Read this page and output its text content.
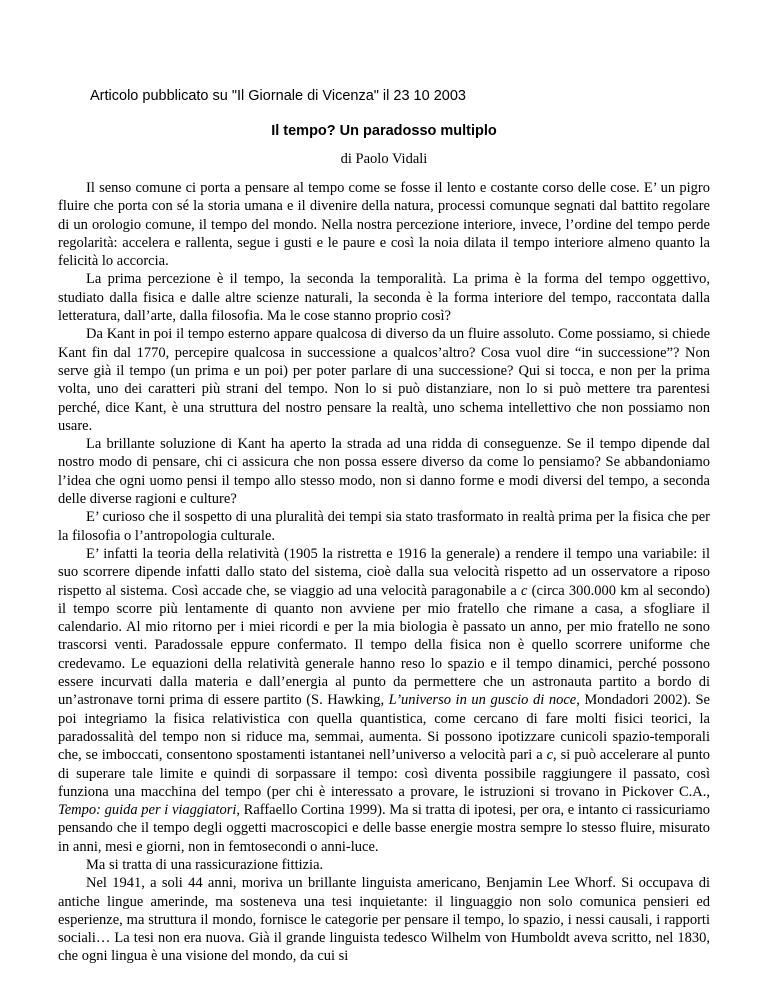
Articolo pubblicato su "Il Giornale di Vicenza" il 23 10 2003
Il tempo? Un paradosso multiplo
di Paolo Vidali

Il senso comune ci porta a pensare al tempo come se fosse il lento e costante corso delle cose. E’ un pigro fluire che porta con sé la storia umana e il divenire della natura, processi comunque segnati dal battito regolare di un orologio comune, il tempo del mondo. Nella nostra percezione interiore, invece, l’ordine del tempo perde regolarità: accelera e rallenta, segue i gusti e le paure e così la noia dilata il tempo interiore almeno quanto la felicità lo accorcia.

La prima percezione è il tempo, la seconda la temporalità. La prima è la forma del tempo oggettivo, studiato dalla fisica e dalle altre scienze naturali, la seconda è la forma interiore del tempo, raccontata dalla letteratura, dall’arte, dalla filosofia. Ma le cose stanno proprio così?

Da Kant in poi il tempo esterno appare qualcosa di diverso da un fluire assoluto. Come possiamo, si chiede Kant fin dal 1770, percepire qualcosa in successione a qualcos’altro? Cosa vuol dire “in successione”? Non serve già il tempo (un prima e un poi) per poter parlare di una successione? Qui si tocca, e non per la prima volta, uno dei caratteri più strani del tempo. Non lo si può distanziare, non lo si può mettere tra parentesi perché, dice Kant, è una struttura del nostro pensare la realtà, uno schema intellettivo che non possiamo non usare.

La brillante soluzione di Kant ha aperto la strada ad una ridda di conseguenze. Se il tempo dipende dal nostro modo di pensare, chi ci assicura che non possa essere diverso da come lo pensiamo? Se abbandoniamo l’idea che ogni uomo pensi il tempo allo stesso modo, non si danno forme e modi diversi del tempo, a seconda delle diverse ragioni e culture?

E’ curioso che il sospetto di una pluralità dei tempi sia stato trasformato in realtà prima per la fisica che per la filosofia o l’antropologia culturale.

E’ infatti la teoria della relatività (1905 la ristretta e 1916 la generale) a rendere il tempo una variabile: il suo scorrere dipende infatti dallo stato del sistema, cioè dalla sua velocità rispetto ad un osservatore a riposo rispetto al sistema. Così accade che, se viaggio ad una velocità paragonabile a c (circa 300.000 km al secondo) il tempo scorre più lentamente di quanto non avviene per mio fratello che rimane a casa, a sfogliare il calendario. Al mio ritorno per i miei ricordi e per la mia biologia è passato un anno, per mio fratello ne sono trascorsi venti. Paradossale eppure confermato. Il tempo della fisica non è quello scorrere uniforme che credevamo. Le equazioni della relatività generale hanno reso lo spazio e il tempo dinamici, perché possono essere incurvati dalla materia e dall’energia al punto da permettere che un astronauta partito a bordo di un’astronave torni prima di essere partito (S. Hawking, L’universo in un guscio di noce, Mondadori 2002). Se poi integriamo la fisica relativistica con quella quantistica, come cercano di fare molti fisici teorici, la paradossalità del tempo non si riduce ma, semmai, aumenta. Si possono ipotizzare cunicoli spazio-temporali che, se imboccati, consentono spostamenti istantanei nell’universo a velocità pari a c, si può accelerare al punto di superare tale limite e quindi di sorpassare il tempo: così diventa possibile raggiungere il passato, così funziona una macchina del tempo (per chi è interessato a provare, le istruzioni si trovano in Pickover C.A., Tempo: guida per i viaggiatori, Raffaello Cortina 1999). Ma si tratta di ipotesi, per ora, e intanto ci rassicuriamo pensando che il tempo degli oggetti macroscopici e delle basse energie mostra sempre lo stesso fluire, misurato in anni, mesi e giorni, non in femtosecondi o anni-luce.

Ma si tratta di una rassicurazione fittizia.

Nel 1941, a soli 44 anni, moriva un brillante linguista americano, Benjamin Lee Whorf. Si occupava di antiche lingue amerinde, ma sosteneva una tesi inquietante: il linguaggio non solo comunica pensieri ed esperienze, ma struttura il mondo, fornisce le categorie per pensare il tempo, lo spazio, i nessi causali, i rapporti sociali… La tesi non era nuova. Già il grande linguista tedesco Wilhelm von Humboldt aveva scritto, nel 1830, che ogni lingua è una visione del mondo, da cui si
